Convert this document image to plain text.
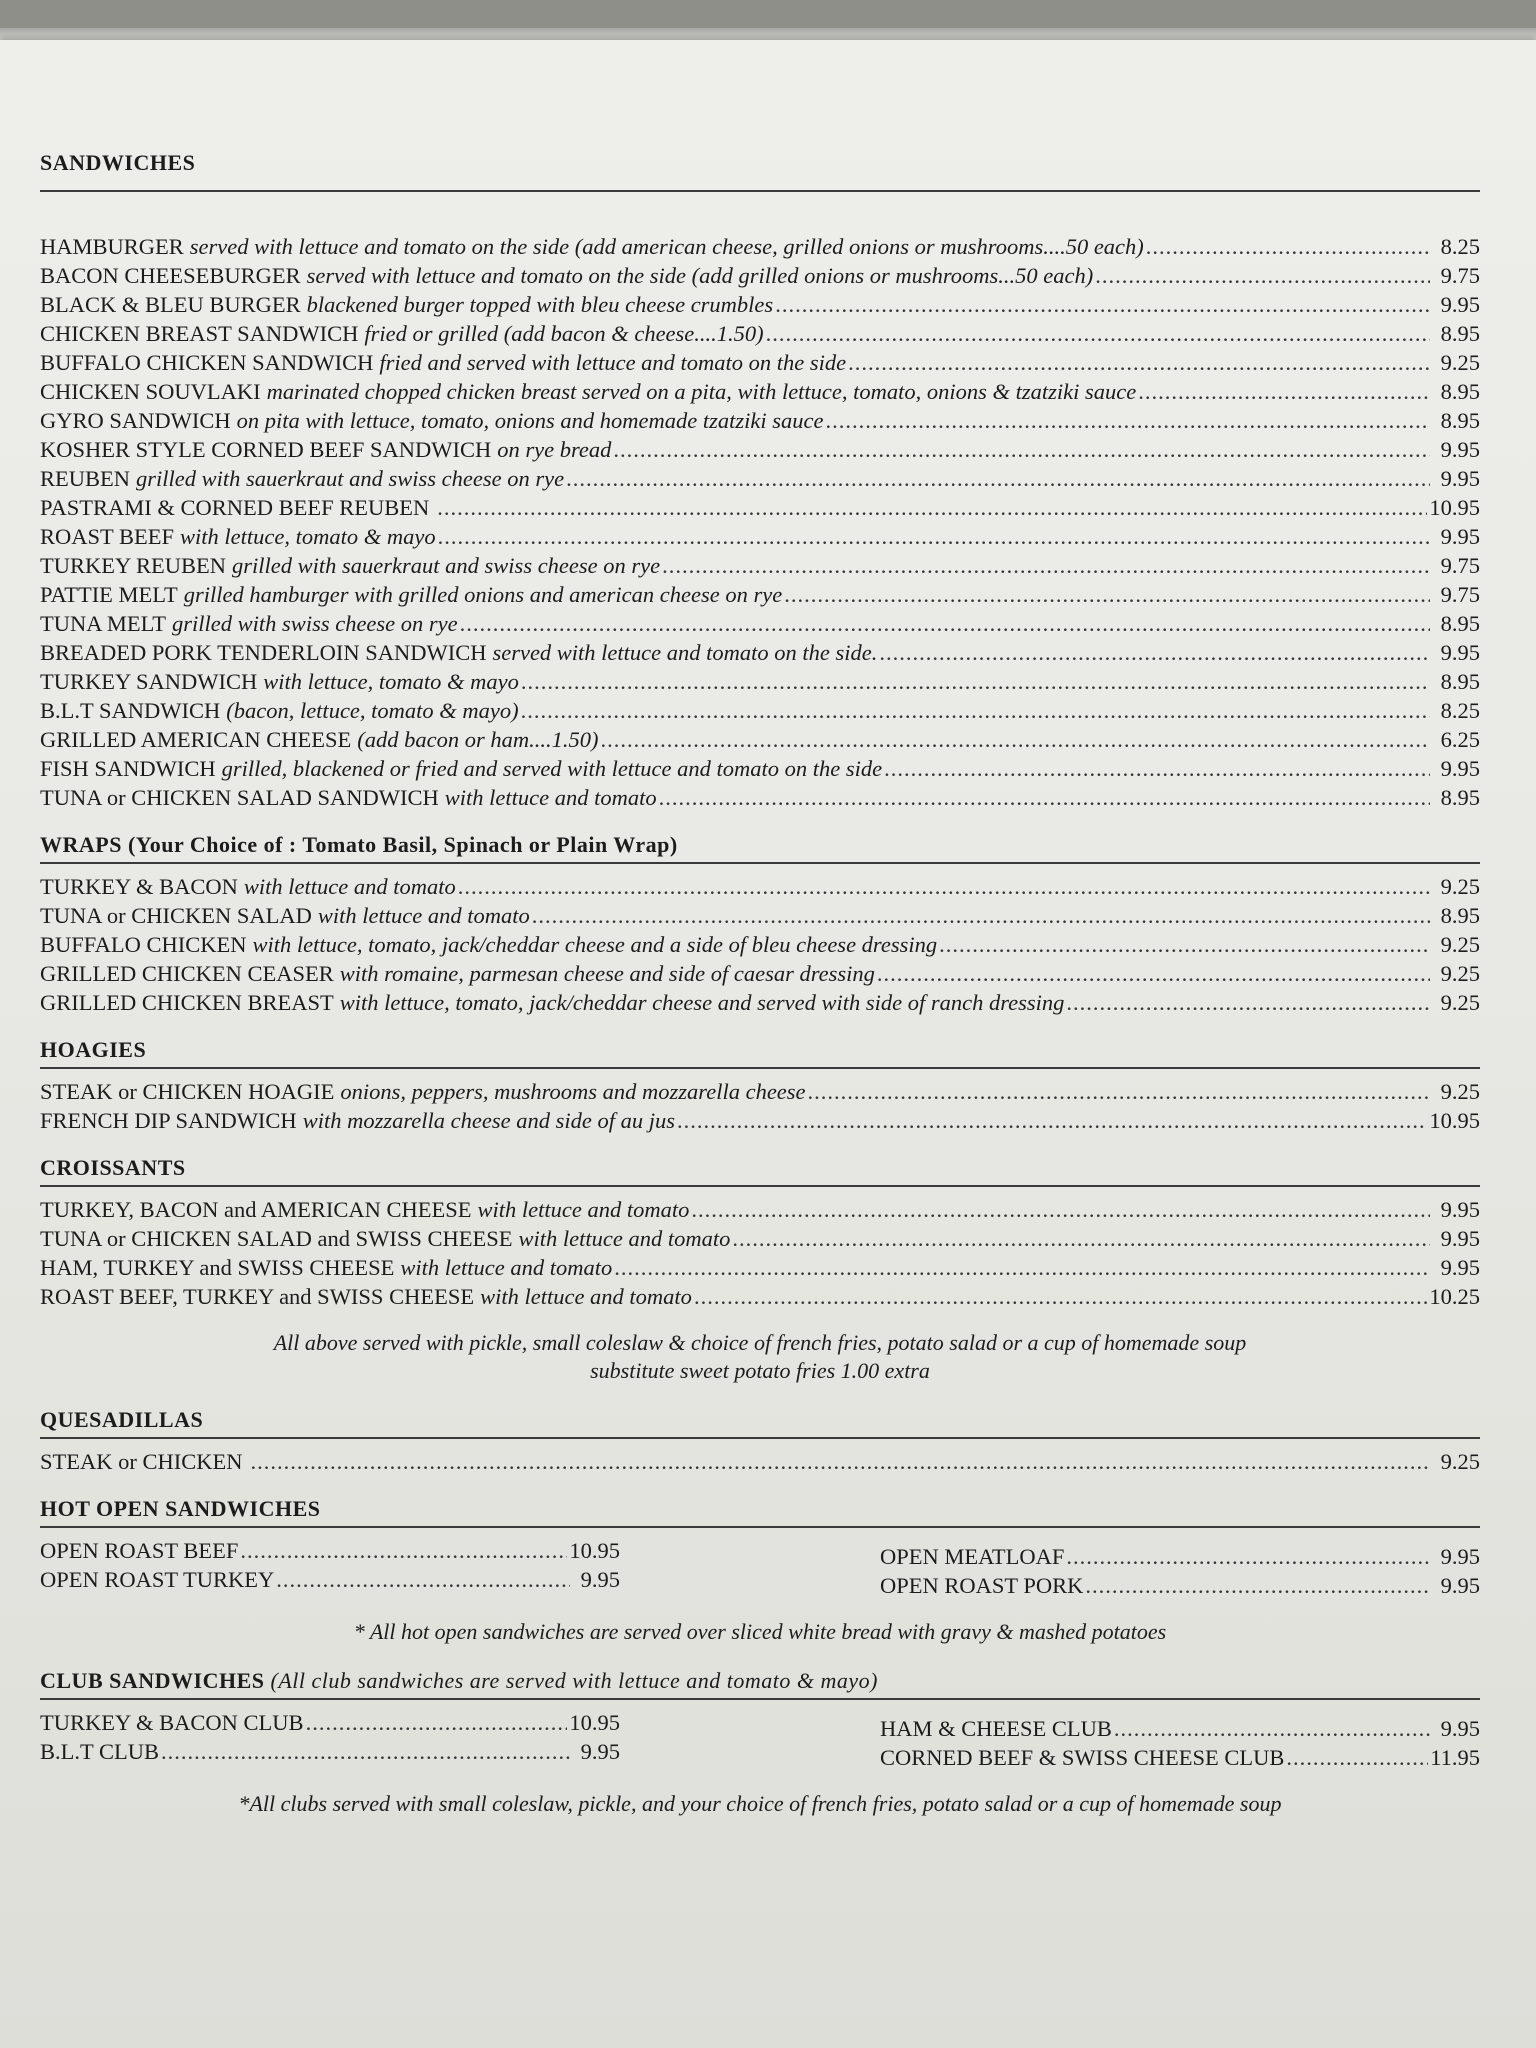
SANDWICHES
HAMBURGER served with lettuce and tomato on the side (add american cheese, grilled onions or mushrooms....50 each) .....	8.25
BACON CHEESEBURGER served with lettuce and tomato on the side (add grilled onions or mushrooms...50 each) .....	9.75
BLACK & BLEU BURGER blackened burger topped with bleu cheese crumbles .....	9.95
CHICKEN BREAST SANDWICH fried or grilled (add bacon & cheese....1.50) .....	8.95
BUFFALO CHICKEN SANDWICH fried and served with lettuce and tomato on the side .....	9.25
CHICKEN SOUVLAKI marinated chopped chicken breast served on a pita, with lettuce, tomato, onions & tzatziki sauce .....	8.95
GYRO SANDWICH on pita with lettuce, tomato, onions and homemade tzatziki sauce .....	8.95
KOSHER STYLE CORNED BEEF SANDWICH on rye bread .....	9.95
REUBEN grilled with sauerkraut and swiss cheese on rye .....	9.95
PASTRAMI & CORNED BEEF REUBEN .....	10.95
ROAST BEEF with lettuce, tomato & mayo .....	9.95
TURKEY REUBEN grilled with sauerkraut and swiss cheese on rye .....	9.75
PATTIE MELT grilled hamburger with grilled onions and american cheese on rye .....	9.75
TUNA MELT grilled with swiss cheese on rye .....	8.95
BREADED PORK TENDERLOIN SANDWICH served with lettuce and tomato on the side. .....	9.95
TURKEY SANDWICH with lettuce, tomato & mayo .....	8.95
B.L.T SANDWICH (bacon, lettuce, tomato & mayo) .....	8.25
GRILLED AMERICAN CHEESE (add bacon or ham....1.50) .....	6.25
FISH SANDWICH grilled, blackened or fried and served with lettuce and tomato on the side .....	9.95
TUNA or CHICKEN SALAD SANDWICH with lettuce and tomato .....	8.95
WRAPS (Your Choice of : Tomato Basil, Spinach or Plain Wrap)
TURKEY & BACON with lettuce and tomato .....	9.25
TUNA or CHICKEN SALAD with lettuce and tomato .....	8.95
BUFFALO CHICKEN with lettuce, tomato, jack/cheddar cheese and a side of bleu cheese dressing .....	9.25
GRILLED CHICKEN CEASER with romaine, parmesan cheese and side of caesar dressing .....	9.25
GRILLED CHICKEN BREAST with lettuce, tomato, jack/cheddar cheese and served with side of ranch dressing .....	9.25
HOAGIES
STEAK or CHICKEN HOAGIE onions, peppers, mushrooms and mozzarella cheese .....	9.25
FRENCH DIP SANDWICH with mozzarella cheese and side of au jus .....	10.95
CROISSANTS
TURKEY, BACON and AMERICAN CHEESE with lettuce and tomato .....	9.95
TUNA or CHICKEN SALAD and SWISS CHEESE with lettuce and tomato .....	9.95
HAM, TURKEY and SWISS CHEESE with lettuce and tomato .....	9.95
ROAST BEEF, TURKEY and SWISS CHEESE with lettuce and tomato .....	10.25
All above served with pickle, small coleslaw & choice of french fries, potato salad or a cup of homemade soup
substitute sweet potato fries 1.00 extra
QUESADILLAS
STEAK or CHICKEN .....	9.25
HOT OPEN SANDWICHES
OPEN ROAST BEEF .....	10.95
OPEN ROAST TURKEY .....	9.95
OPEN MEATLOAF .....	9.95
OPEN ROAST PORK .....	9.95
* All hot open sandwiches are served over sliced white bread with gravy & mashed potatoes
CLUB SANDWICHES (All club sandwiches are served with lettuce and tomato & mayo)
TURKEY & BACON CLUB .....	10.95
B.L.T CLUB .....	9.95
HAM & CHEESE CLUB .....	9.95
CORNED BEEF & SWISS CHEESE CLUB .....	11.95
*All clubs served with small coleslaw, pickle, and your choice of french fries, potato salad or a cup of homemade soup
